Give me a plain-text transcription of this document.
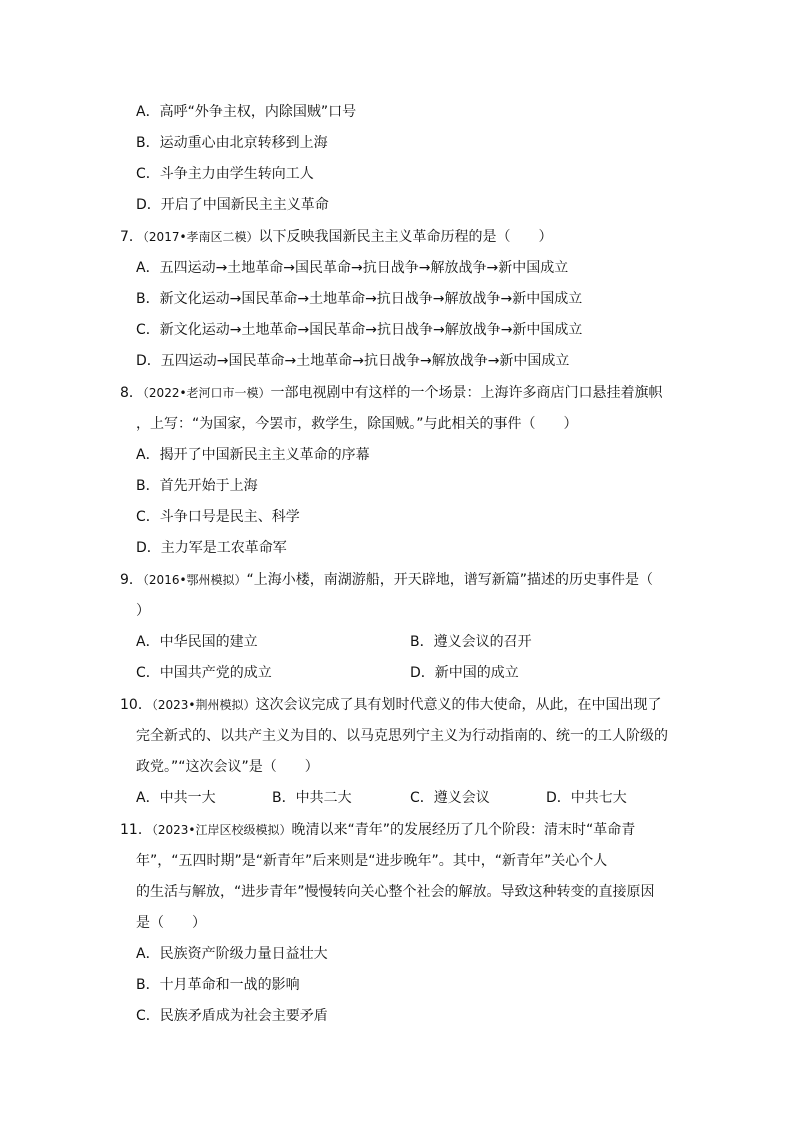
A．高呼“外争主权，内除国贼”口号
B．运动重心由北京转移到上海
C．斗争主力由学生转向工人
D．开启了中国新民主主义革命
7．（2017•孝南区二模）以下反映我国新民主主义革命历程的是（　　）
A．五四运动→土地革命→国民革命→抗日战争→解放战争→新中国成立
B．新文化运动→国民革命→土地革命→抗日战争→解放战争→新中国成立
C．新文化运动→土地革命→国民革命→抗日战争→解放战争→新中国成立
D．五四运动→国民革命→土地革命→抗日战争→解放战争→新中国成立
8．（2022•老河口市一模）一部电视剧中有这样的一个场景：上海许多商店门口悬挂着旗帜
，上写：“为国家，今罢市，救学生，除国贼。”与此相关的事件（　　）
A．揭开了中国新民主主义革命的序幕
B．首先开始于上海
C．斗争口号是民主、科学
D．主力军是工农革命军
9．（2016•鄂州模拟）“上海小楼，南湖游船，开天辟地，谱写新篇”描述的历史事件是（
）
A．中华民国的建立	B．遵义会议的召开
C．中国共产党的成立	D．新中国的成立
10．（2023•荆州模拟）这次会议完成了具有划时代意义的伟大使命，从此，在中国出现了
完全新式的、以共产主义为目的、以马克思列宁主义为行动指南的、统一的工人阶级的
政党。”“这次会议”是（　　）
A．中共一大	B．中共二大	C．遵义会议	D．中共七大
11．（2023•江岸区校级模拟）晚清以来“青年”的发展经历了几个阶段：清末时“革命青
年”，“五四时期”是“新青年”后来则是“进步晚年”。其中，“新青年”关心个人
的生活与解放，“进步青年”慢慢转向关心整个社会的解放。导致这种转变的直接原因
是（　　）
A．民族资产阶级力量日益壮大
B．十月革命和一战的影响
C．民族矛盾成为社会主要矛盾
